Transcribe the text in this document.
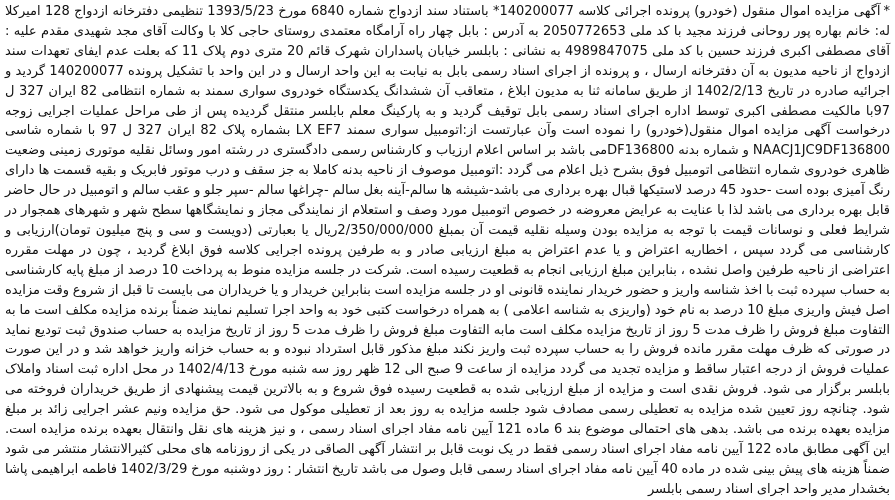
*آگهی مزایده اموال منقول (خودرو) پرونده اجرائی کلاسه 140200077* باستناد سند ازدواج شماره 6840 مورخ 1393/5/23 تنظیمی دفترخانه ازدواج 128 امیرکلا له: خانم بهاره پور روحانی فرزند مجید با کد ملی 2050772653 به آدرس : بابل چهار راه آرامگاه معتمدی روستای حاجی کلا با وکالت آقای مجد شهیدی مقدم علیه : آقای مصطفی اکبری فرزند حسین با کد ملی 4989847075 به نشانی : بابلسر خیابان پاسداران شهرک قائم 20 متری دوم پلاک 11 که بعلت عدم ایفای تعهدات سند ازدواج از ناحیه مدیون به آن دفترخانه ارسال ، و پرونده از اجرای اسناد رسمی بابل به نیابت به این واحد ارسال و در این واحد با تشکیل پرونده 140200077 گردید و اجرائیه صادره در تاریخ 1402/2/13 از طریق سامانه ثنا به مدیون ابلاغ ، متعاقب آن ششدانگ یکدستگاه خودروی سواری سمند به شماره انتظامی 82 ایران 327 ل 97با مالکیت مصطفی اکبری توسط اداره اجرای اسناد رسمی بابل توقیف گردید و به پارکینگ معلم بابلسر منتقل گردیده پس از طی مراحل عملیات اجرایی زوجه درخواست آگهی مزایده اموال منقول(خودرو) را نموده است وآن عبارتست از:اتومبیل سواری سمند LX EF7 بشماره پلاک 82 ایران 327 ل 97 با شماره شاسی NAACJ1JC9DF136800 و شماره بدنه DF136800می باشد بر اساس اعلام ارزیاب و کارشناس رسمی دادگستری در رشته امور وسائل نقلیه موتوری زمینی وضعیت ظاهری خودروی شماره انتظامی اتومبیل فوق بشرح ذیل اعلام می گردد :اتومبیل موصوف از ناحیه بدنه کاملا به جز سقف و درب موتور فابریک و بقیه قسمت ها دارای رنگ آمیزی بوده است -حدود 45 درصد لاستیکها قبال بهره برداری می باشد-شیشه ها سالم-آینه بغل سالم -چراغها سالم -سپر جلو و عقب سالم و اتومبیل در حال حاضر قابل بهره برداری می باشد لذا با عنایت به عرایض معروضه در خصوص اتومبیل مورد وصف و استعلام از نمایندگی مجاز و نمایشگاهها سطح شهر و شهرهای همجوار در شرایط فعلی و نوسانات قیمت با توجه به مزایده بودن وسیله نقلیه قیمت آن بمبلغ 2/350/000/000ریال یا بعبارتی (دویست و سی و پنج میلیون تومان)ارزیابی و کارشناسی می گردد سپس ، اخطاریه اعتراض و یا عدم اعتراض به مبلغ ارزیابی صادر و به طرفین پرونده اجرایی کلاسه فوق ابلاغ گردید ، چون در مهلت مقرره اعتراضی از ناحیه طرفین واصل نشده ، بنابراین مبلغ ارزیابی انجام به قطعیت رسیده است. شرکت در جلسه مزایده منوط به پرداخت 10 درصد از مبلغ پایه کارشناسی به حساب سپرده ثبت با اخذ شناسه واریز و حضور خریدار نماینده قانونی او در جلسه مزایده است بنابراین خریدار و یا خریداران می بایست تا قبل از شروع وقت مزایده اصل فیش واریزی مبلغ 10 درصد به نام خود (واریزی به شناسه اعلامی ) به همراه درخواست کتبی خود به واحد اجرا تسلیم نمایند ضمناً برنده مزایده مکلف است ما به التفاوت مبلغ فروش را ظرف مدت 5 روز از تاریخ مزایده مکلف است مابه التفاوت مبلغ فروش را ظرف مدت 5 روز از تاریخ مزایده به حساب صندوق ثبت تودیع نماید در صورتی که ظرف مهلت مقرر مانده فروش را به حساب سپرده ثبت واریز نکند مبلغ مذکور قابل استرداد نبوده و به حساب خزانه واریز خواهد شد و در این صورت عملیات فروش از درجه اعتبار ساقط و مزایده تجدید می گردد مزایده از ساعت 9 صبح الی 12 ظهر روز سه شنبه مورخ 1402/4/13 در محل اداره ثبت اسناد واملاک بابلسر برگزار می شود. فروش نقدی است و مزایده از مبلغ ارزیابی شده به قطعیت رسیده فوق شروع و به بالاترین قیمت پیشنهادی از طریق خریداران فروخته می شود. چنانچه روز تعیین شده مزایده به تعطیلی رسمی مصادف شود جلسه مزایده به روز بعد از تعطیلی موکول می شود. حق مزایده ونیم عشر اجرایی زائد بر مبلغ مزایده بعهده برنده می باشد. بدهی های احتمالی موضوع بند 6 ماده 121 آیین نامه مفاد اجرای اسناد رسمی ، و نیز هزینه های نقل وانتقال بعهده برنده مزایده است. این آگهی مطابق ماده 122 آیین نامه مفاد اجرای اسناد رسمی فقط در یک نوبت قابل بر انتشار آگهی الصاقی در یکی از روزنامه های محلی کثیرالانتشار منتشر می شود ضمناً هزینه های پیش بینی شده در ماده 40 آیین نامه مفاد اجرای اسناد رسمی قابل وصول می باشد تاریخ انتشار : روز دوشنبه مورخ 1402/3/29 فاطمه ابراهیمی پاشا بخشدار مدیر واحد اجرای اسناد رسمی بابلسر
